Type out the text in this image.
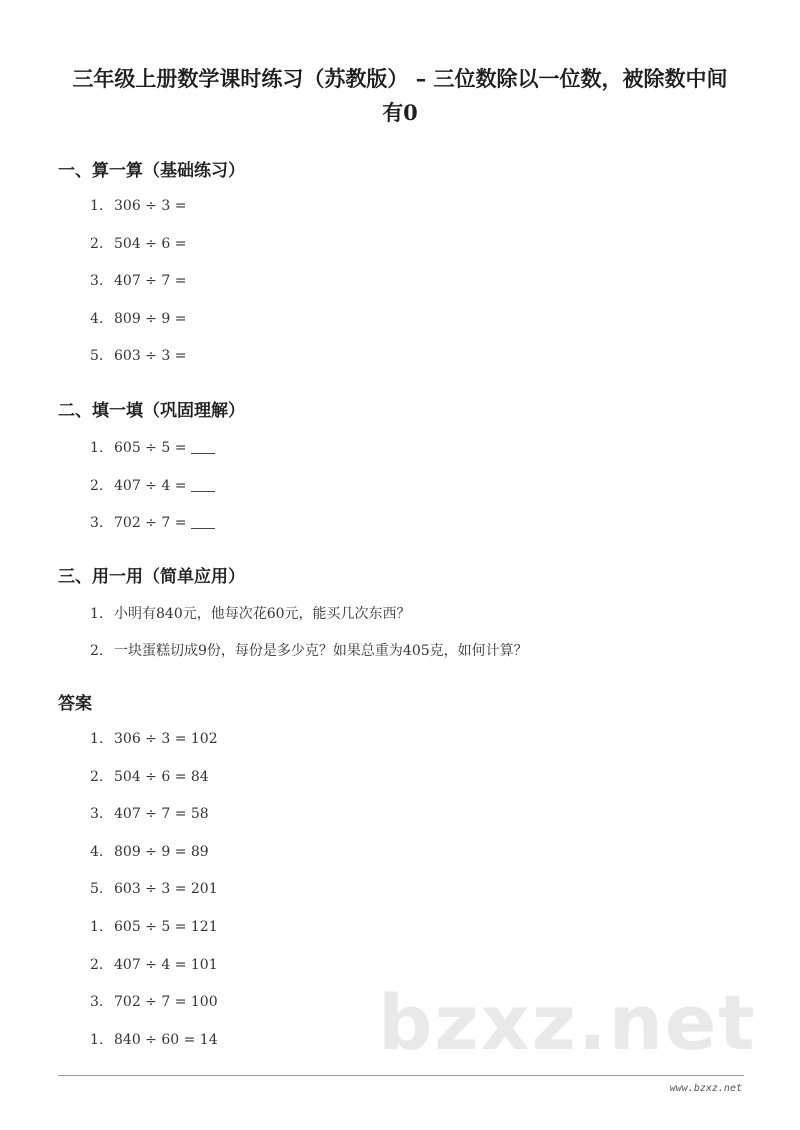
三年级上册数学课时练习（苏教版） – 三位数除以一位数，被除数中间
有0
一、算一算（基础练习）

1. 306 ÷ 3 =

2. 504 ÷ 6 =

3. 407 ÷ 7 =

4. 809 ÷ 9 =

5. 603 ÷ 3 =

二、填一填（巩固理解）

1. 605 ÷ 5 =

2. 407 ÷ 4 =

3. 702 ÷ 7 =

三、用一用（简单应用）

1. 小明有840元，他每次花60元，能买几次东西？

2. 一块蛋糕切成9份，每份是多少克？如果总重为405克，如何计算？

答案

1. 306 ÷ 3 = 102

2. 504 ÷ 6 = 84

3. 407 ÷ 7 = 58

4. 809 ÷ 9 = 89

5. 603 ÷ 3 = 201

1. 605 ÷ 5 = 121

2. 407 ÷ 4 = 101

3. 702 ÷ 7 = 100

1. 840 ÷ 60 = 14 bzxz.net
www.bzxz.net
